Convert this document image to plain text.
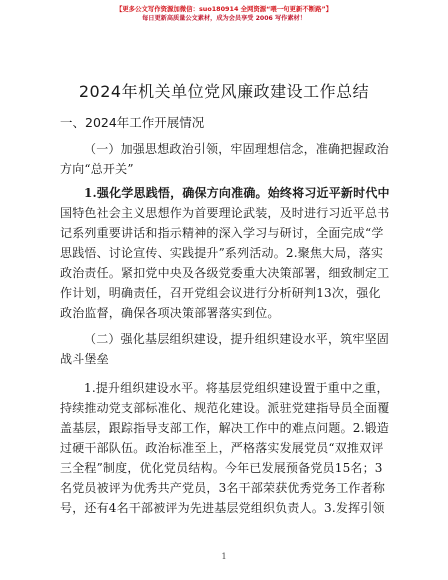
【更多公文写作资源加微信：suo180914 全网资源“喂一句更新不断路”】
每日更新高质量公文素材，成为会员享受 2006 写作素材！
2024年机关单位党风廉政建设工作总结
一、2024年工作开展情况
（一）加强思想政治引领，牢固理想信念，准确把握政治
方向“总开关”
1.强化学思践悟，确保方向准确。始终将习近平新时代中
国特色社会主义思想作为首要理论武装，及时进行习近平总书
记系列重要讲话和指示精神的深入学习与研讨，全面完成“学
思践悟、讨论宣传、实践提升”系列活动。2.聚焦大局，落实
政治责任。紧扣党中央及各级党委重大决策部署，细致制定工
作计划，明确责任，召开党组会议进行分析研判13次，强化
政治监督，确保各项决策部署落实到位。
（二）强化基层组织建设，提升组织建设水平，筑牢坚固
战斗堡垒
1.提升组织建设水平。将基层党组织建设置于重中之重，
持续推动党支部标准化、规范化建设。派驻党建指导员全面覆
盖基层，跟踪指导支部工作，解决工作中的难点问题。2.锻造
过硬干部队伍。政治标准至上，严格落实发展党员“双推双评
三全程”制度，优化党员结构。今年已发展预备党员15名；3
名党员被评为优秀共产党员，3名干部荣获优秀党务工作者称
号，还有4名干部被评为先进基层党组织负责人。3.发挥引领
1
